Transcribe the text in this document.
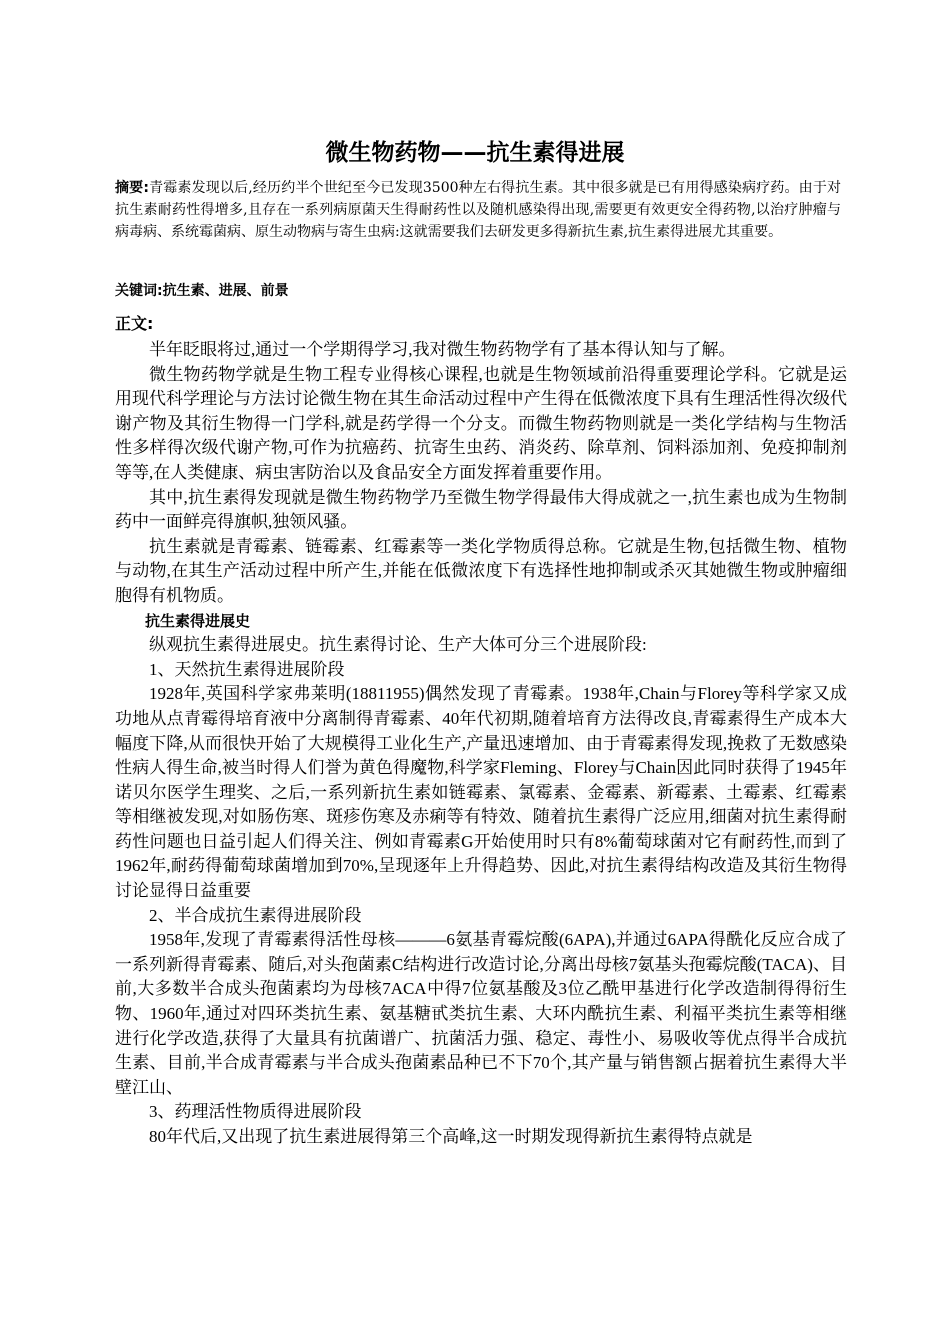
微生物药物——抗生素得进展
摘要:青霉素发现以后,经历约半个世纪至今已发现3500种左右得抗生素。其中很多就是已有用得感染病疗药。由于对抗生素耐药性得增多,且存在一系列病原菌天生得耐药性以及随机感染得出现,需要更有效更安全得药物,以治疗肿瘤与病毒病、系统霉菌病、原生动物病与寄生虫病:这就需要我们去研发更多得新抗生素,抗生素得进展尤其重要。
关键词:抗生素、进展、前景
正文:

半年眨眼将过,通过一个学期得学习,我对微生物药物学有了基本得认知与了解。

微生物药物学就是生物工程专业得核心课程,也就是生物领域前沿得重要理论学科。它就是运用现代科学理论与方法讨论微生物在其生命活动过程中产生得在低微浓度下具有生理活性得次级代谢产物及其衍生物得一门学科,就是药学得一个分支。而微生物药物则就是一类化学结构与生物活性多样得次级代谢产物,可作为抗癌药、抗寄生虫药、消炎药、除草剂、饲料添加剂、免疫抑制剂等等,在人类健康、病虫害防治以及食品安全方面发挥着重要作用。

其中,抗生素得发现就是微生物药物学乃至微生物学得最伟大得成就之一,抗生素也成为生物制药中一面鲜亮得旗帜,独领风骚。

抗生素就是青霉素、链霉素、红霉素等一类化学物质得总称。它就是生物,包括微生物、植物与动物,在其生产活动过程中所产生,并能在低微浓度下有选择性地抑制或杀灭其她微生物或肿瘤细胞得有机物质。

抗生素得进展史

纵观抗生素得进展史。抗生素得讨论、生产大体可分三个进展阶段:

1、天然抗生素得进展阶段

1928年,英国科学家弗莱明(18811955)偶然发现了青霉素。1938年,Chain与Florey等科学家又成功地从点青霉得培育液中分离制得青霉素、40年代初期,随着培育方法得改良,青霉素得生产成本大幅度下降,从而很快开始了大规模得工业化生产,产量迅速增加、由于青霉素得发现,挽救了无数感染性病人得生命,被当时得人们誉为黄色得魔物,科学家Fleming、Florey与Chain因此同时获得了1945年诺贝尔医学生理奖、之后,一系列新抗生素如链霉素、氯霉素、金霉素、新霉素、土霉素、红霉素等相继被发现,对如肠伤寒、斑疹伤寒及赤痢等有特效、随着抗生素得广泛应用,细菌对抗生素得耐药性问题也日益引起人们得关注、例如青霉素G开始使用时只有8%葡萄球菌对它有耐药性,而到了1962年,耐药得葡萄球菌增加到70%,呈现逐年上升得趋势、因此,对抗生素得结构改造及其衍生物得讨论显得日益重要

2、半合成抗生素得进展阶段

1958年,发现了青霉素得活性母核———6氨基青霉烷酸(6APA),并通过6APA得酰化反应合成了一系列新得青霉素、随后,对头孢菌素C结构进行改造讨论,分离出母核7氨基头孢霉烷酸(TACA)、目前,大多数半合成头孢菌素均为母核7ACA中得7位氨基酸及3位乙酰甲基进行化学改造制得得衍生物、1960年,通过对四环类抗生素、氨基糖甙类抗生素、大环内酰抗生素、利福平类抗生素等相继进行化学改造,获得了大量具有抗菌谱广、抗菌活力强、稳定、毒性小、易吸收等优点得半合成抗生素、目前,半合成青霉素与半合成头孢菌素品种已不下70个,其产量与销售额占据着抗生素得大半壁江山、

3、药理活性物质得进展阶段

80年代后,又出现了抗生素进展得第三个高峰,这一时期发现得新抗生素得特点就是
